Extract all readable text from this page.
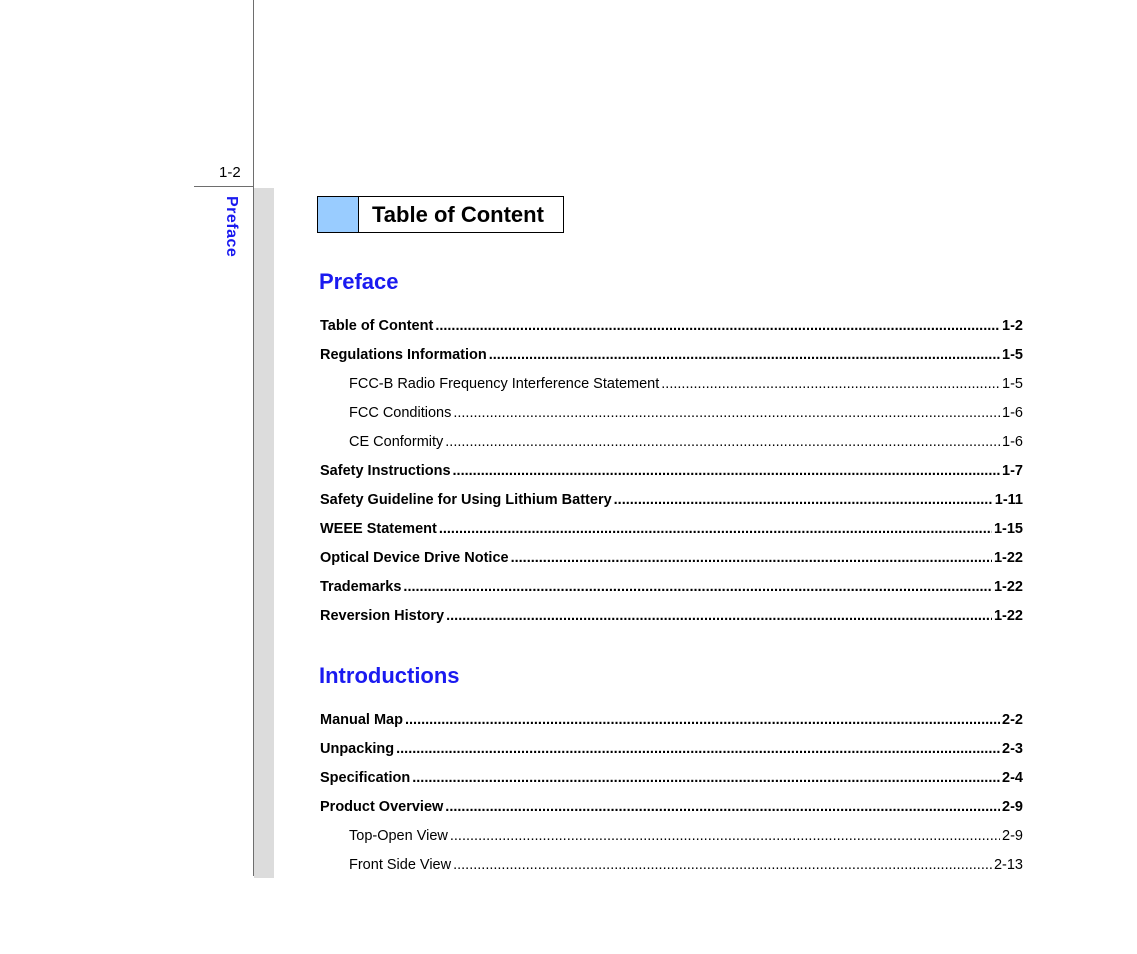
1-2
Preface	Table of Content
Preface
Table of Content .....	1-2
Regulations Information .....	1-5
FCC-B Radio Frequency Interference Statement .....	1-5
FCC Conditions .....	1-6
CE Conformity .....	1-6
Safety Instructions .....	1-7
Safety Guideline for Using Lithium Battery .....	1-11
WEEE Statement .....	1-15
Optical Device Drive Notice .....	1-22
Trademarks .....	1-22
Reversion History .....	1-22
Introductions
Manual Map .....	2-2
Unpacking .....	2-3
Specification .....	2-4
Product Overview .....	2-9
Top-Open View .....	2-9
Front Side View .....	2-13
